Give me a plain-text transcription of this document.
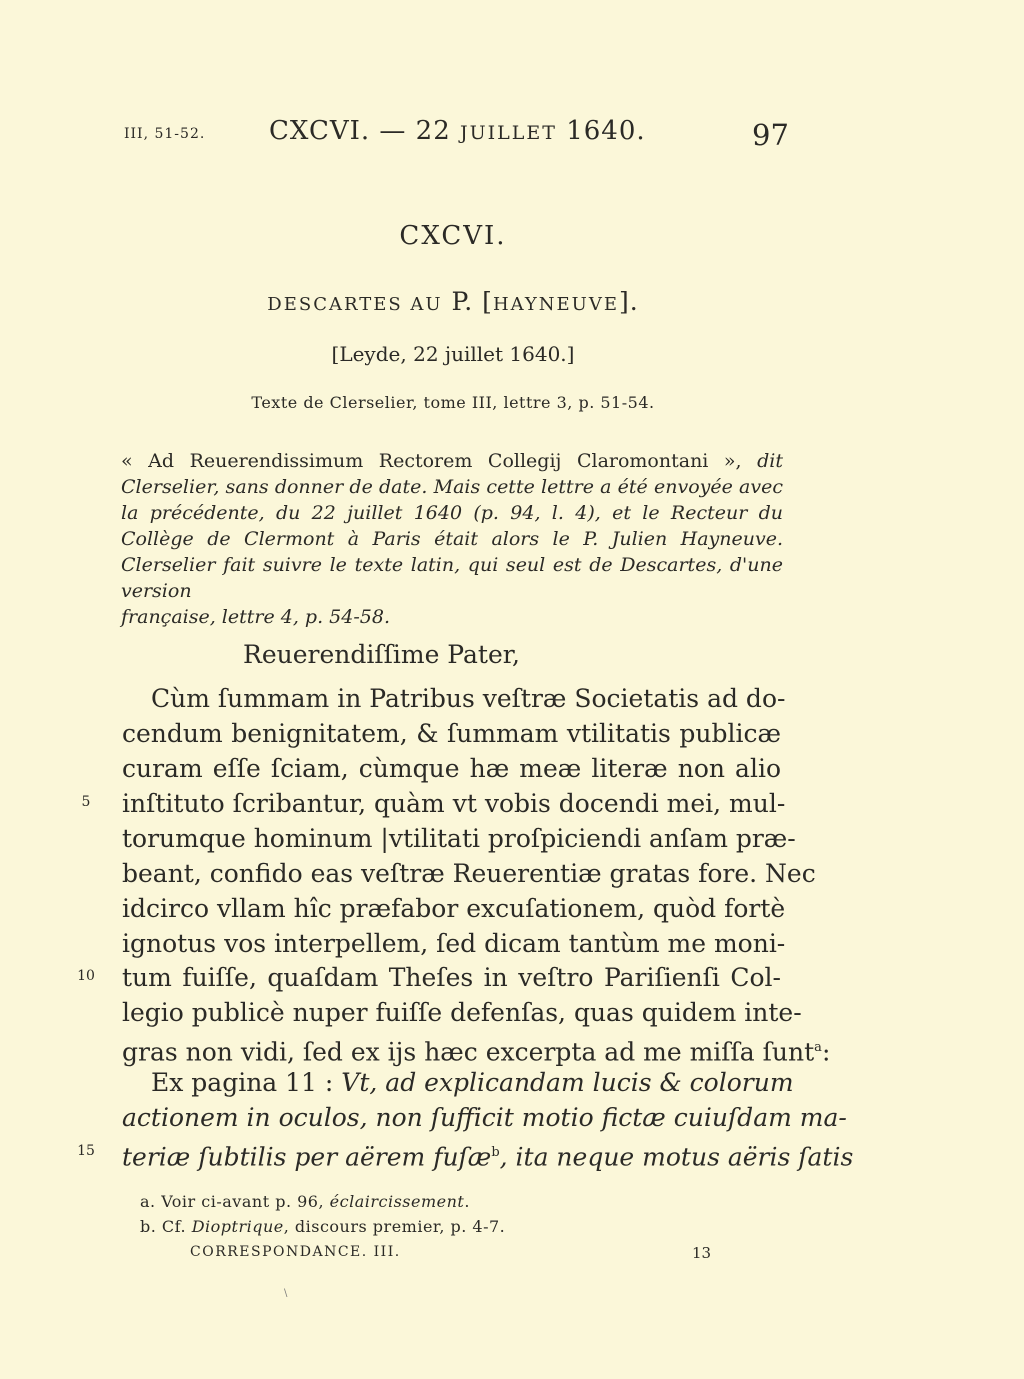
III, 51-52. CXCVI. — 22 JUILLET 1640.	97
CXCVI.
DESCARTES AU P. [HAYNEUVE].
[Leyde, 22 juillet 1640.]
Texte de Clerselier, tome III, lettre 3, p. 51-54.
« Ad Reuerendissimum Rectorem Collegij Claromontani », dit Clerselier, sans donner de date. Mais cette lettre a été envoyée avec la précédente, du 22 juillet 1640 (p. 94, l. 4), et le Recteur du Collège de Clermont à Paris était alors le P. Julien Hayneuve. Clerselier fait suivre le texte latin, qui seul est de Descartes, d'une version
française, lettre 4, p. 54-58.
Reuerendiſſime Pater,
Cùm ſummam in Patribus veſtræ Societatis ad do-
cendum benignitatem, & ſummam vtilitatis publicæ
curam eſſe ſciam, cùmque hæ meæ literæ non alio
inſtituto ſcribantur, quàm vt vobis docendi mei, mul-
torumque hominum |vtilitati proſpiciendi anſam præ-
beant, confido eas veſtræ Reuerentiæ gratas fore. Nec
idcirco vllam hîc præfabor excuſationem, quòd fortè
ignotus vos interpellem, ſed dicam tantùm me moni-
tum fuiſſe, quaſdam Theſes in veſtro Pariſienſi Col-
legio publicè nuper fuiſſe defenſas, quas quidem inte-
gras non vidi, ſed ex ijs hæc excerpta ad me miſſa ſunt$^a$:
Ex pagina 11 : Vt, ad explicandam lucis & colorum
actionem in oculos, non ſufficit motio fictæ cuiuſdam ma-
teriæ ſubtilis per aërem fuſæ$^b$, ita neque motus aëris ſatis
5
10
15
a. Voir ci-avant p. 96, éclaircissement.
b. Cf. Dioptrique, discours premier, p. 4-7.
CORRESPONDANCE. III.	13
\
